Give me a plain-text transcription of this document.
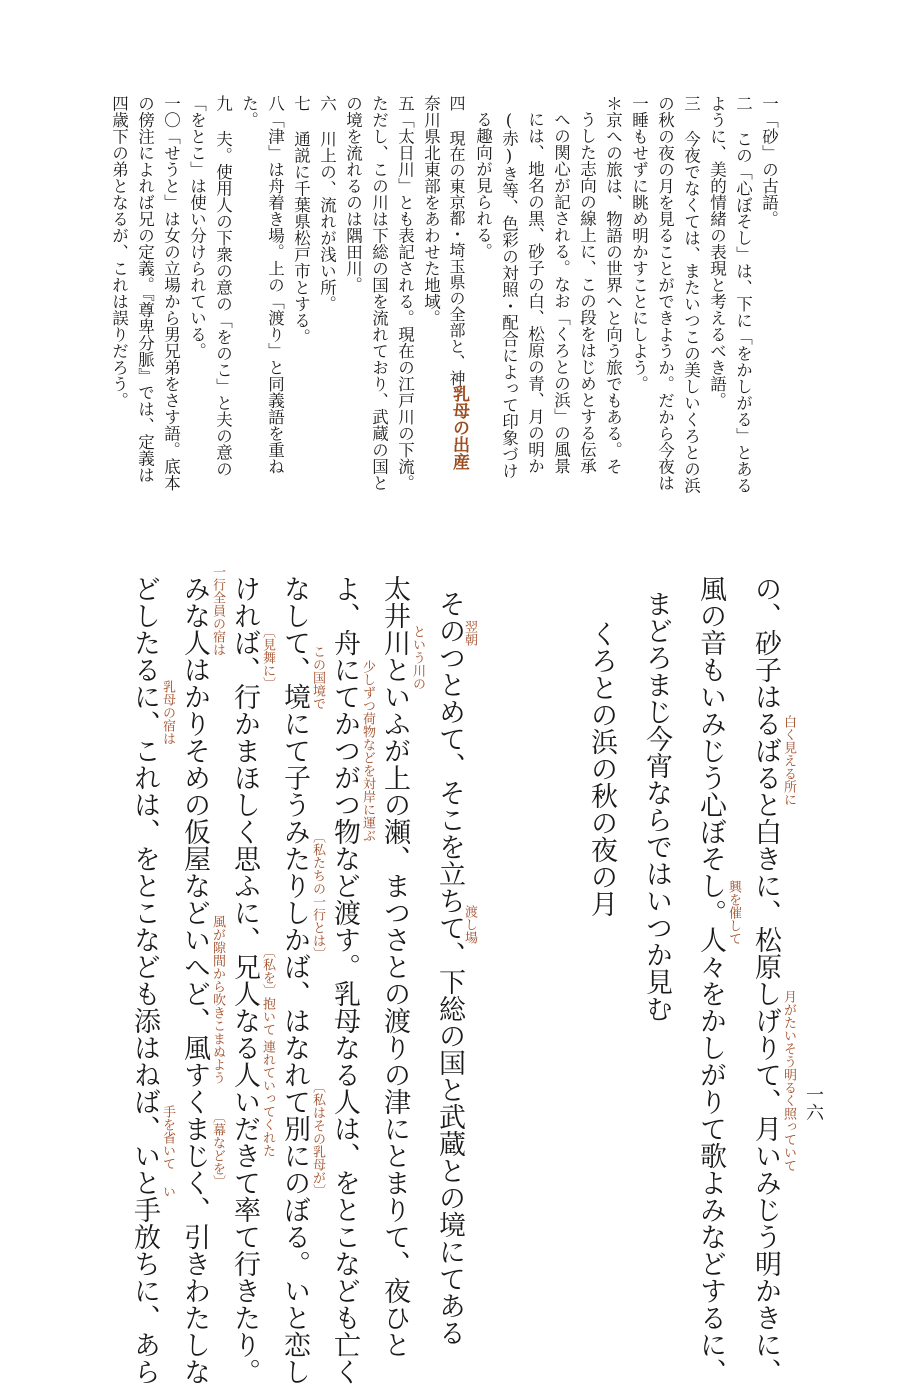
一六
の、砂子はるばると白きに、松原しげりて、月いみじう明かきに、
風の音もいみじう心ぼそし。人々をかしがりて歌よみなどするに、
まどろまじ今宵ならではいつか見む
くろとの浜の秋の夜の月
そのつとめて、そこを立ちて、下総の国と武蔵との境にてある
太井川といふが上の瀬、まつさとの渡りの津にとまりて、夜ひと
よ、舟にてかつがつ物など渡す。乳母なる人は、をとこなども亡く
なして、境にて子うみたりしかば、はなれて別にのぼる。いと恋し
ければ、行かまほしく思ふに、兄人なる人いだきて率て行きたり。
みな人はかりそめの仮屋などいへど、風すくまじく、引きわたしな
どしたるに、これは、をとこなども添はねば、いと手放ちに、あら	白く見える所に
月がたいそう明るく照っていて
興を催して
翌朝
渡し場
という川の
少しずつ荷物などを対岸に運ぶ
この国境で
〔私たちの一行とは〕
〔私はその乳母が〕
〔見舞に〕
〔私を〕抱いて
連れていってくれた
一行全員の宿は
風が隙間から吹きこまぬよう
〔幕などを〕
乳母の宿は
手を省いて
い
乳母の出産
一「砂」の古語。
二 この「心ぼそし」は、下に「をかしがる」とある
ように、美的情緒の表現と考えるべき語。
三 今夜でなくては、またいつこの美しいくろとの浜
の秋の夜の月を見ることができようか。だから今夜は
一睡もせずに眺め明かすことにしよう。
＊京への旅は、物語の世界へと向う旅でもある。そ
うした志向の線上に、この段をはじめとする伝承
への関心が記される。なお「くろとの浜」の風景
には、地名の黒、砂子の白、松原の青、月の明か
(赤)き等、色彩の対照・配合によって印象づけ
る趣向が見られる。
四 現在の東京都・埼玉県の全部と、神
奈川県北東部をあわせた地域。
五「太日川」とも表記される。現在の江戸川の下流。
ただし、この川は下総の国を流れており、武蔵の国と
の境を流れるのは隅田川。
六 川上の、流れが浅い所。
七 通説に千葉県松戸市とする。
八「津」は舟着き場。上の「渡り」と同義語を重ね
た。
九 夫。使用人の下衆の意の「をのこ」と夫の意の
「をとこ」は使い分けられている。
一〇「せうと」は女の立場から男兄弟をさす語。底本
の傍注によれば兄の定義。『尊卑分脈』では、定義は
四歳下の弟となるが、これは誤りだろう。
